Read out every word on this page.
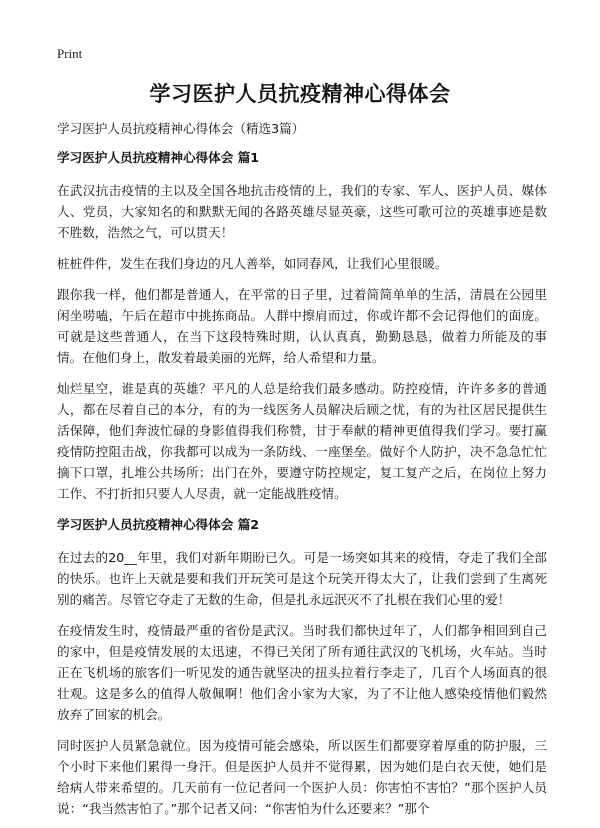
Print
学习医护人员抗疫精神心得体会

学习医护人员抗疫精神心得体会（精选3篇）

学习医护人员抗疫精神心得体会 篇1

在武汉抗击疫情的主以及全国各地抗击疫情的上，我们的专家、军人、医护人员、媒体人、党员，大家知名的和默默无闻的各路英雄尽显英豪，这些可歌可泣的英雄事迹是数不胜数，浩然之气，可以贯天！

桩桩件件，发生在我们身边的凡人善举，如同春风，让我们心里很暖。

跟你我一样，他们都是普通人，在平常的日子里，过着简简单单的生活，清晨在公园里闲坐唠嗑，午后在超市中挑拣商品。人群中擦肩而过，你或许都不会记得他们的面庞。可就是这些普通人，在当下这段特殊时期，认认真真，勤勤恳恳，做着力所能及的事情。在他们身上，散发着最美丽的光辉，给人希望和力量。

灿烂星空，谁是真的英雄？平凡的人总是给我们最多感动。防控疫情，许许多多的普通人，都在尽着自己的本分，有的为一线医务人员解决后顾之忧，有的为社区居民提供生活保障，他们奔波忙碌的身影值得我们称赞，甘于奉献的精神更值得我们学习。要打赢疫情防控阻击战，你我都可以成为一条防线、一座堡垒。做好个人防护，决不急急忙忙摘下口罩，扎堆公共场所；出门在外，要遵守防控规定，复工复产之后，在岗位上努力工作、不打折扣只要人人尽责，就一定能战胜疫情。

学习医护人员抗疫精神心得体会 篇2

在过去的20__年里，我们对新年期盼已久。可是一场突如其来的疫情，夺走了我们全部的快乐。也许上天就是要和我们开玩笑可是这个玩笑开得太大了，让我们尝到了生离死别的痛苦。尽管它夺走了无数的生命，但是扎永远泯灭不了扎根在我们心里的爱！

在疫情发生时，疫情最严重的省份是武汉。当时我们都快过年了，人们都争相回到自己的家中，但是疫情发展的太迅速，不得已关闭了所有通往武汉的飞机场，火车站。当时正在飞机场的旅客们一听见发的通告就坚决的扭头拉着行李走了，几百个人场面真的很壮观。这是多么的值得人敬佩啊！他们舍小家为大家，为了不让他人感染疫情他们毅然放弃了回家的机会。

同时医护人员紧急就位。因为疫情可能会感染，所以医生们都要穿着厚重的防护服，三个小时下来他们累得一身汗。但是医护人员并不觉得累，因为她们是白衣天使，她们是给病人带来希望的。几天前有一位记者问一个医护人员：你害怕不害怕？”那个医护人员说：“我当然害怕了。”那个记者又问：“你害怕为什么还要来？”那个
